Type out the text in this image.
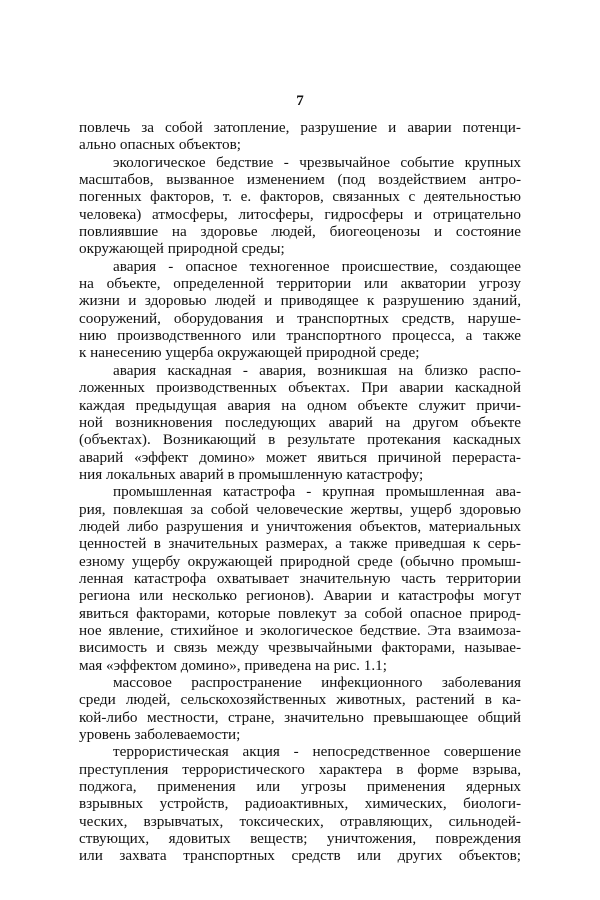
7
повлечь за собой затопление, разрушение и аварии потенци-
ально опасных объектов;
экологическое бедствие - чрезвычайное событие крупных
масштабов, вызванное изменением (под воздействием антро-
погенных факторов, т. е. факторов, связанных с деятельностью
человека) атмосферы, литосферы, гидросферы и отрицательно
повлиявшие на здоровье людей, биогеоценозы и состояние
окружающей природной среды;
авария - опасное техногенное происшествие, создающее
на объекте, определенной территории или акватории угрозу
жизни и здоровью людей и приводящее к разрушению зданий,
сооружений, оборудования и транспортных средств, наруше-
нию производственного или транспортного процесса, а также
к нанесению ущерба окружающей природной среде;
авария каскадная - авария, возникшая на близко распо-
ложенных производственных объектах. При аварии каскадной
каждая предыдущая авария на одном объекте служит причи-
ной возникновения последующих аварий на другом объекте
(объектах). Возникающий в результате протекания каскадных
аварий «эффект домино» может явиться причиной перераста-
ния локальных аварий в промышленную катастрофу;
промышленная катастрофа - крупная промышленная ава-
рия, повлекшая за собой человеческие жертвы, ущерб здоровью
людей либо разрушения и уничтожения объектов, материальных
ценностей в значительных размерах, а также приведшая к серь-
езному ущербу окружающей природной среде (обычно промыш-
ленная катастрофа охватывает значительную часть территории
региона или несколько регионов). Аварии и катастрофы могут
явиться факторами, которые повлекут за собой опасное природ-
ное явление, стихийное и экологическое бедствие. Эта взаимоза-
висимость и связь между чрезвычайными факторами, называе-
мая «эффектом домино», приведена на рис. 1.1;
массовое распространение инфекционного заболевания
среди людей, сельскохозяйственных животных, растений в ка-
кой-либо местности, стране, значительно превышающее общий
уровень заболеваемости;
террористическая акция - непосредственное совершение
преступления террористического характера в форме взрыва,
поджога, применения или угрозы применения ядерных
взрывных устройств, радиоактивных, химических, биологи-
ческих, взрывчатых, токсических, отравляющих, сильнодей-
ствующих, ядовитых веществ; уничтожения, повреждения
или захвата транспортных средств или других объектов;
